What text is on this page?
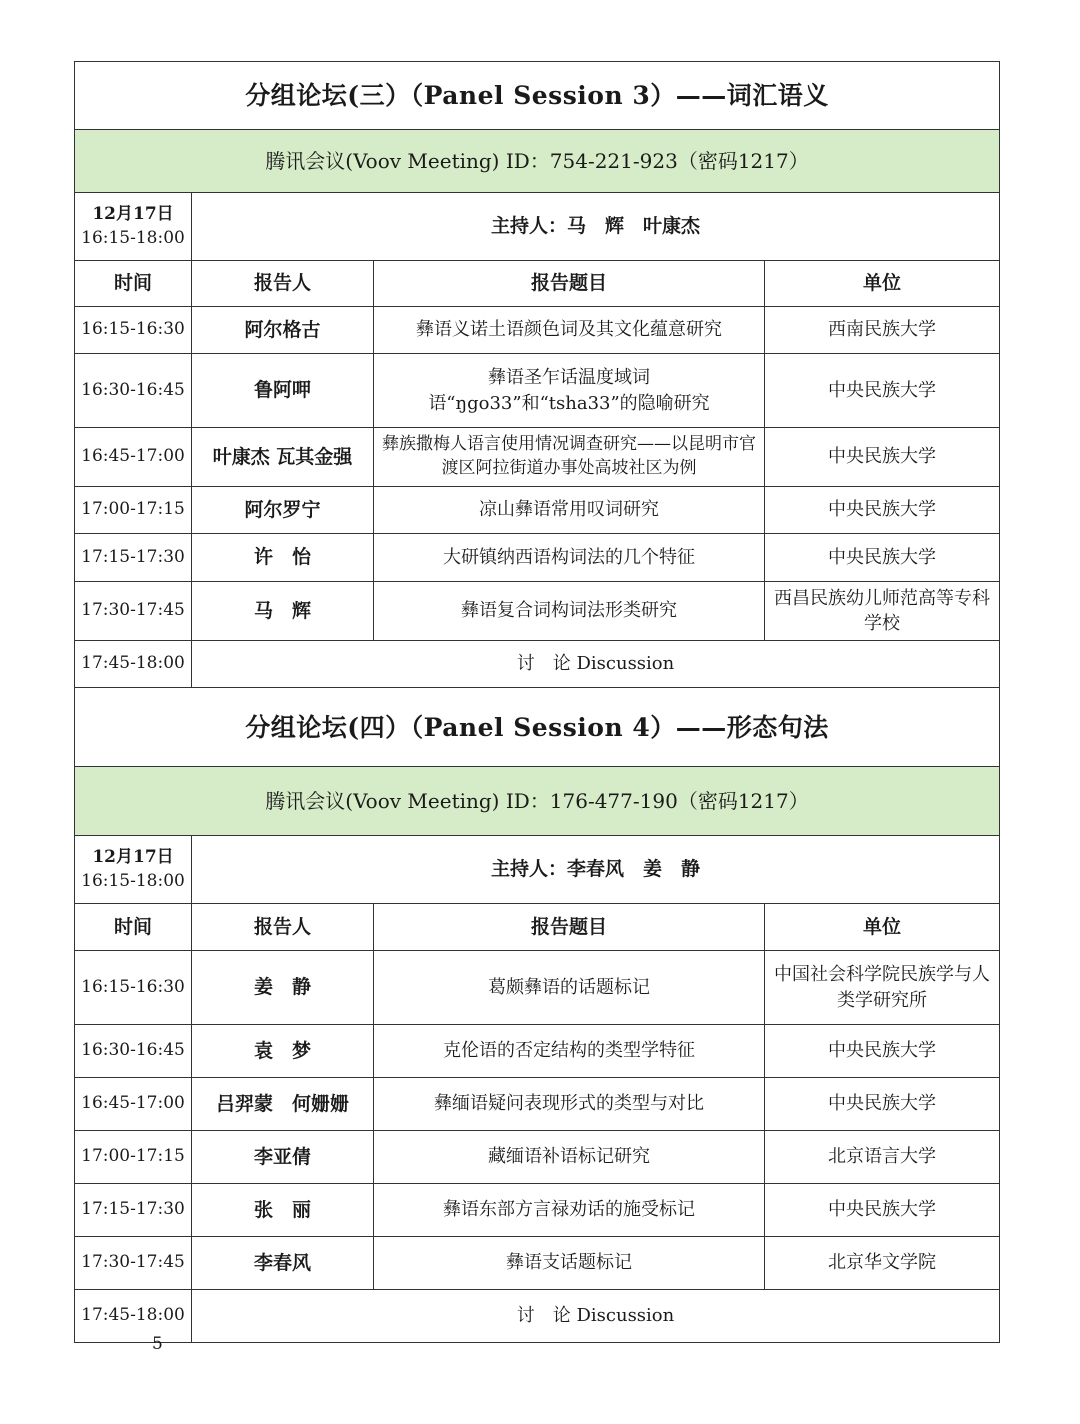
分组论坛(三）（Panel Session 3）——词汇语义			
腾讯会议(Voov Meeting) ID：754-221-923（密码1217）			

12月17日
16:15-18:00	主持人：马　辉　叶康杰		
时间	报告人	报告题目	单位
16:15-16:30	阿尔格古	彝语义诺土语颜色词及其文化蕴意研究	西南民族大学
16:30-16:45	鲁阿呷	彝语圣乍话温度域词语“ŋgo33”和“tsha33”的隐喻研究	中央民族大学
16:45-17:00	叶康杰 瓦其金强	彝族撒梅人语言使用情况调查研究——以昆明市官渡区阿拉街道办事处高坡社区为例	中央民族大学
17:00-17:15	阿尔罗宁	凉山彝语常用叹词研究	中央民族大学
17:15-17:30	许　怡	大研镇纳西语构词法的几个特征	中央民族大学
17:30-17:45	马　辉	彝语复合词构词法形类研究	西昌民族幼儿师范高等专科学校
17:45-18:00	讨　论 Discussion		
分组论坛(四）（Panel Session 4）——形态句法			
腾讯会议(Voov Meeting) ID：176-477-190（密码1217）			

12月17日
16:15-18:00	主持人：李春风　姜　静		
时间	报告人	报告题目	单位
16:15-16:30	姜　静	葛颇彝语的话题标记	中国社会科学院民族学与人类学研究所
16:30-16:45	袁　梦	克伦语的否定结构的类型学特征	中央民族大学
16:45-17:00	吕羿蒙　何姗姗	彝缅语疑问表现形式的类型与对比	中央民族大学
17:00-17:15	李亚倩	藏缅语补语标记研究	北京语言大学
17:15-17:30	张　丽	彝语东部方言禄劝话的施受标记	中央民族大学
17:30-17:45	李春风	彝语支话题标记	北京华文学院
17:45-18:00	讨　论 Discussion		
5
